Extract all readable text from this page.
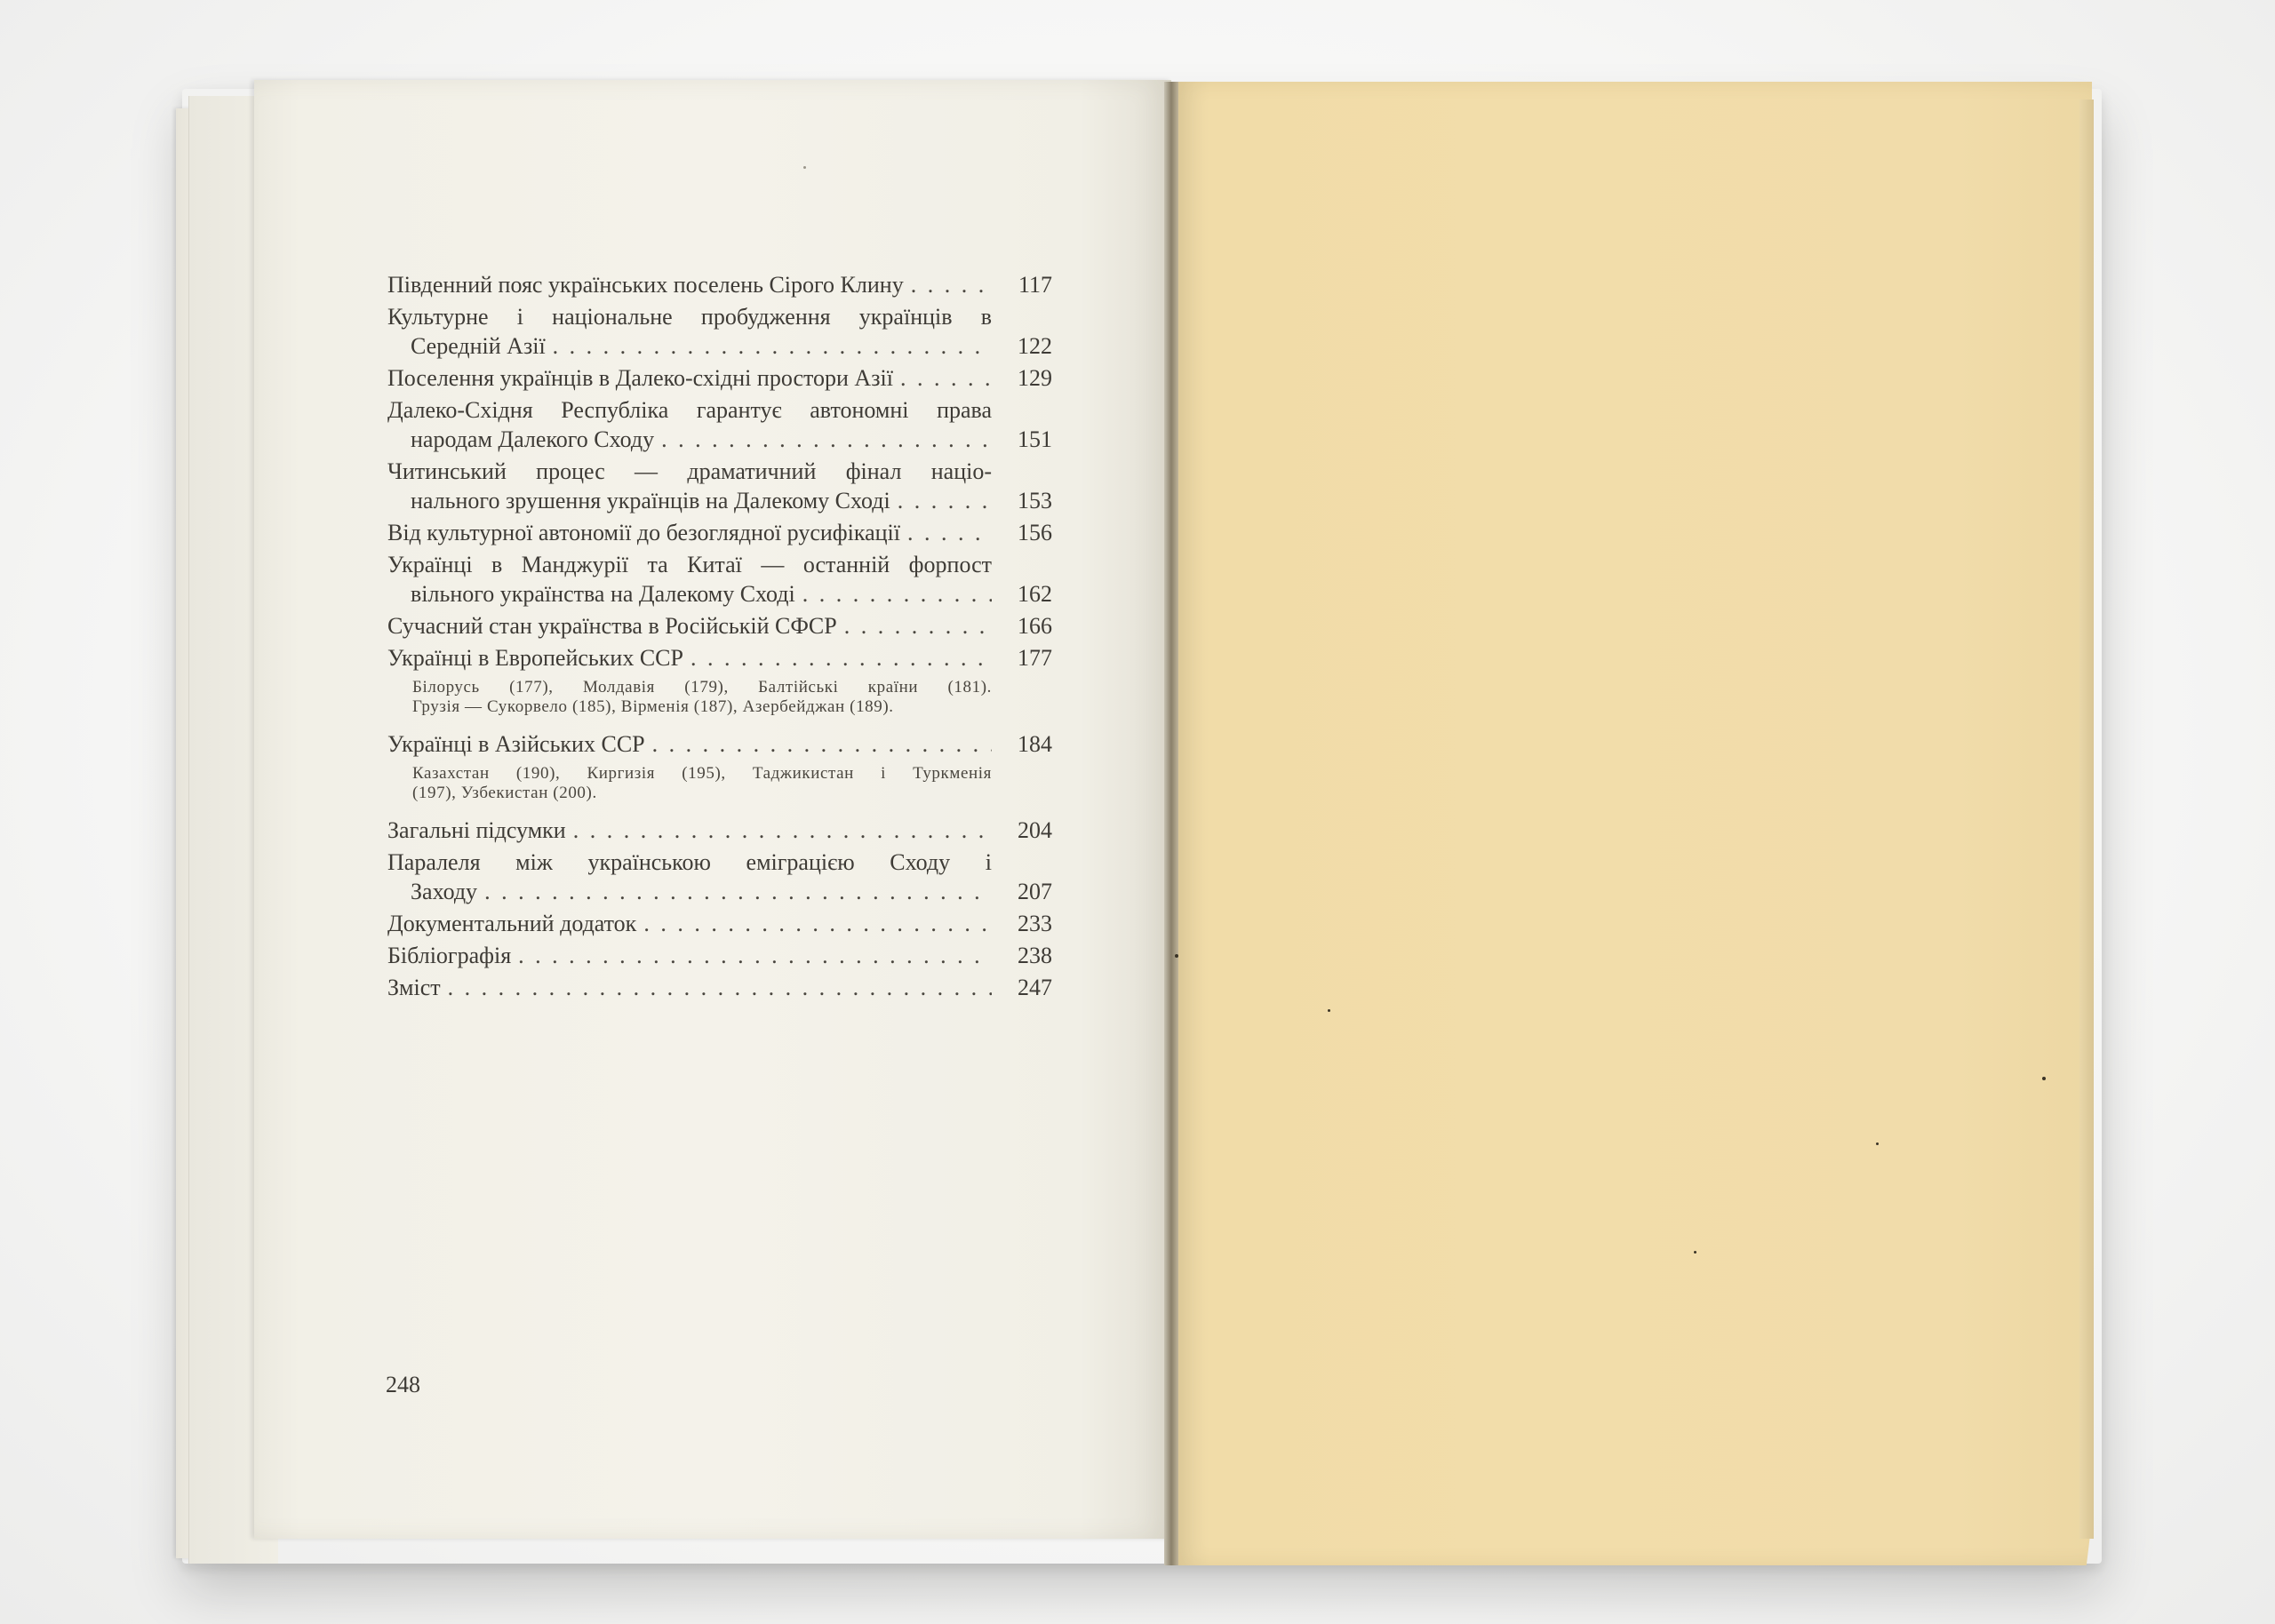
Південний пояс українських поселень Сірого Клину . . .	117
Культурне і національне пробудження українців в
Середній Азії . . .	122
Поселення українців в Далеко-східні простори Азії . . .	129
Далеко-Східня Республіка гарантує автономні права
народам Далекого Сходу . . .	151
Читинський процес — драматичний фінал націо-
нального зрушення українців на Далекому Сході . . .	153
Від культурної автономії до безоглядної русифікації . . .	156
Українці в Манджурії та Китаї — останній форпост
вільного українства на Далекому Сході . . .	162
Сучасний стан українства в Російській СФСР . . .	166
Українці в Европейських ССР . . .	177
Білорусь (177), Молдавія (179), Балтійські країни (181).
Грузія — Сукорвело (185), Вірменія (187), Азербейджан (189).
Українці в Азійських ССР . . .	184
Казахстан (190), Киргизія (195), Таджикистан і Туркменія
(197), Узбекистан (200).
Загальні підсумки . . .	204
Паралеля між українською еміграцією Сходу і
Заходу . . .	207
Документальний додаток . . .	233
Бібліографія . . .	238
Зміст . . .	247
248
